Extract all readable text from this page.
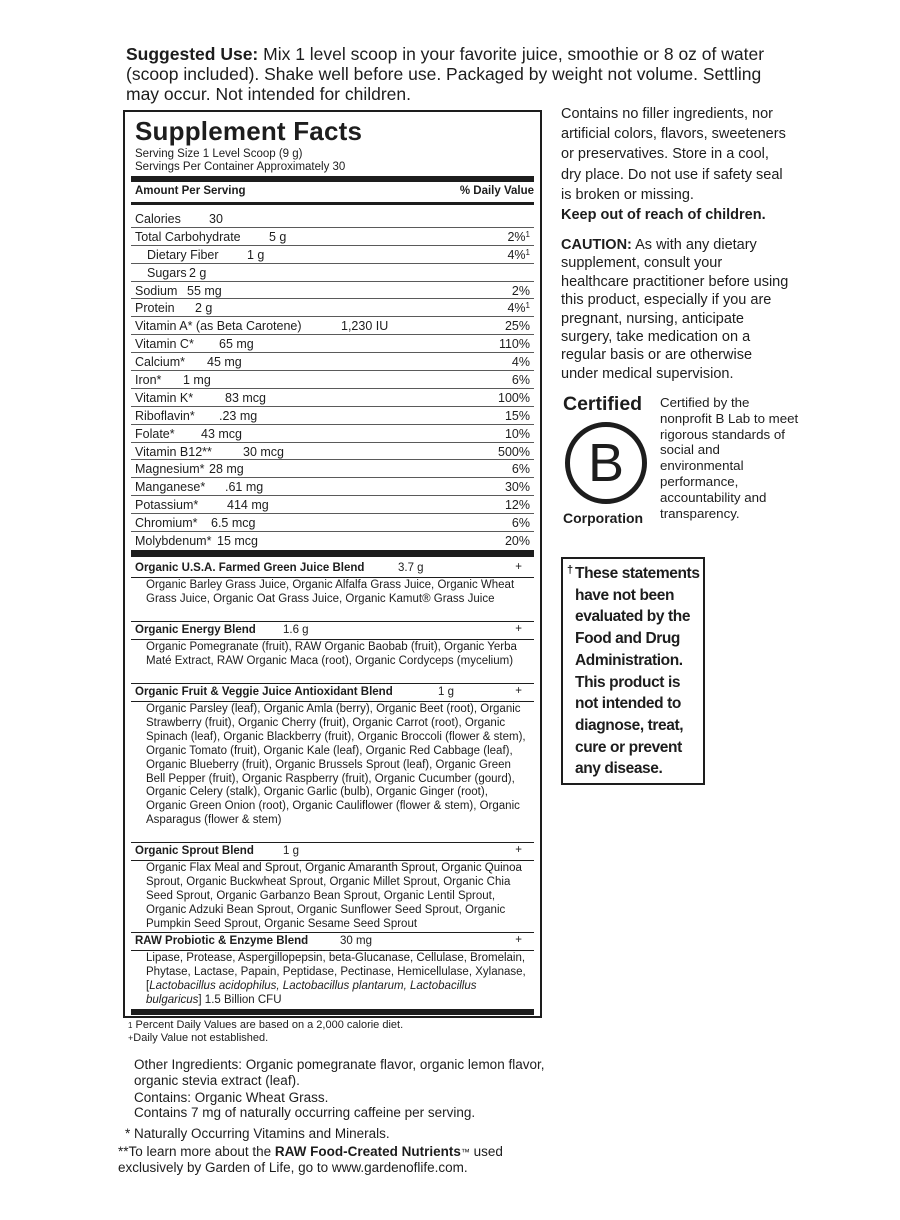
Suggested Use: Mix 1 level scoop in your favorite juice, smoothie or 8 oz of water (scoop included). Shake well before use. Packaged by weight not volume. Settling may occur. Not intended for children.
Supplement Facts
Serving Size 1 Level Scoop (9 g)
Servings Per Container Approximately 30
Amount Per Serving	% Daily Value
Calories 30
Total Carbohydrate 5 g	2%$^1$
Dietary Fiber 1 g	4%$^1$
Sugars 2 g
Sodium 55 mg	2%
Protein 2 g	4%$^1$
Vitamin A* (as Beta Carotene)	1,230 IU	25%
Vitamin C* 65 mg	110%
Calcium* 45 mg	4%
Iron* 1 mg	6%
Vitamin K*	83 mcg	100%
Riboflavin* .23 mg	15%
Folate* 43 mcg	10%
Vitamin B12** 30 mcg	500%
Magnesium* 28 mg	6%
Manganese* .61 mg	30%
Potassium* 414 mg	12%
Chromium* 6.5 mcg	6%
Molybdenum* 15 mcg	20%
Organic U.S.A. Farmed Green Juice Blend	3.7 g	+
Organic Barley Grass Juice, Organic Alfalfa Grass Juice, Organic Wheat Grass Juice, Organic Oat Grass Juice, Organic Kamut® Grass Juice
Organic Energy Blend 1.6 g	+
Organic Pomegranate (fruit), RAW Organic Baobab (fruit), Organic Yerba Maté Extract, RAW Organic Maca (root), Organic Cordyceps (mycelium)
Organic Fruit & Veggie Juice Antioxidant Blend	1 g	+
Organic Parsley (leaf), Organic Amla (berry), Organic Beet (root), Organic Strawberry (fruit), Organic Cherry (fruit), Organic Carrot (root), Organic Spinach (leaf), Organic Blackberry (fruit), Organic Broccoli (flower & stem), Organic Tomato (fruit), Organic Kale (leaf), Organic Red Cabbage (leaf), Organic Blueberry (fruit), Organic Brussels Sprout (leaf), Organic Green Bell Pepper (fruit), Organic Raspberry (fruit), Organic Cucumber (gourd), Organic Celery (stalk), Organic Garlic (bulb), Organic Ginger (root), Organic Green Onion (root), Organic Cauliflower (flower & stem), Organic Asparagus (flower & stem)
Organic Sprout Blend	1 g	+
Organic Flax Meal and Sprout, Organic Amaranth Sprout, Organic Quinoa Sprout, Organic Buckwheat Sprout, Organic Millet Sprout, Organic Chia Seed Sprout, Organic Garbanzo Bean Sprout, Organic Lentil Sprout, Organic Adzuki Bean Sprout, Organic Sunflower Seed Sprout, Organic Pumpkin Seed Sprout, Organic Sesame Seed Sprout
RAW Probiotic & Enzyme Blend	30 mg	+
Lipase, Protease, Aspergillopepsin, beta-Glucanase, Cellulase, Bromelain, Phytase, Lactase, Papain, Peptidase, Pectinase, Hemicellulase, Xylanase, [Lactobacillus acidophilus, Lactobacillus plantarum, Lactobacillus bulgaricus] 1.5 Billion CFU
$^1$ Percent Daily Values are based on a 2,000 calorie diet.
+Daily Value not established.
Other Ingredients: Organic pomegranate flavor, organic lemon flavor, organic stevia extract (leaf).
Contains: Organic Wheat Grass.
Contains 7 mg of naturally occurring caffeine per serving.
* Naturally Occurring Vitamins and Minerals.
**To learn more about the RAW Food-Created Nutrients™ used exclusively by Garden of Life, go to www.gardenoflife.com.
Contains no filler ingredients, nor artificial colors, flavors, sweeteners or preservatives. Store in a cool, dry place. Do not use if safety seal is broken or missing.
Keep out of reach of children.
CAUTION: As with any dietary supplement, consult your healthcare practitioner before using this product, especially if you are pregnant, nursing, anticipate surgery, take medication on a regular basis or are otherwise under medical supervision.
Certified
B
Corporation
Certified by the nonprofit B Lab to meet rigorous standards of social and environmental performance, accountability and transparency.
† These statements have not been evaluated by the Food and Drug Administration. This product is not intended to diagnose, treat, cure or prevent any disease.
